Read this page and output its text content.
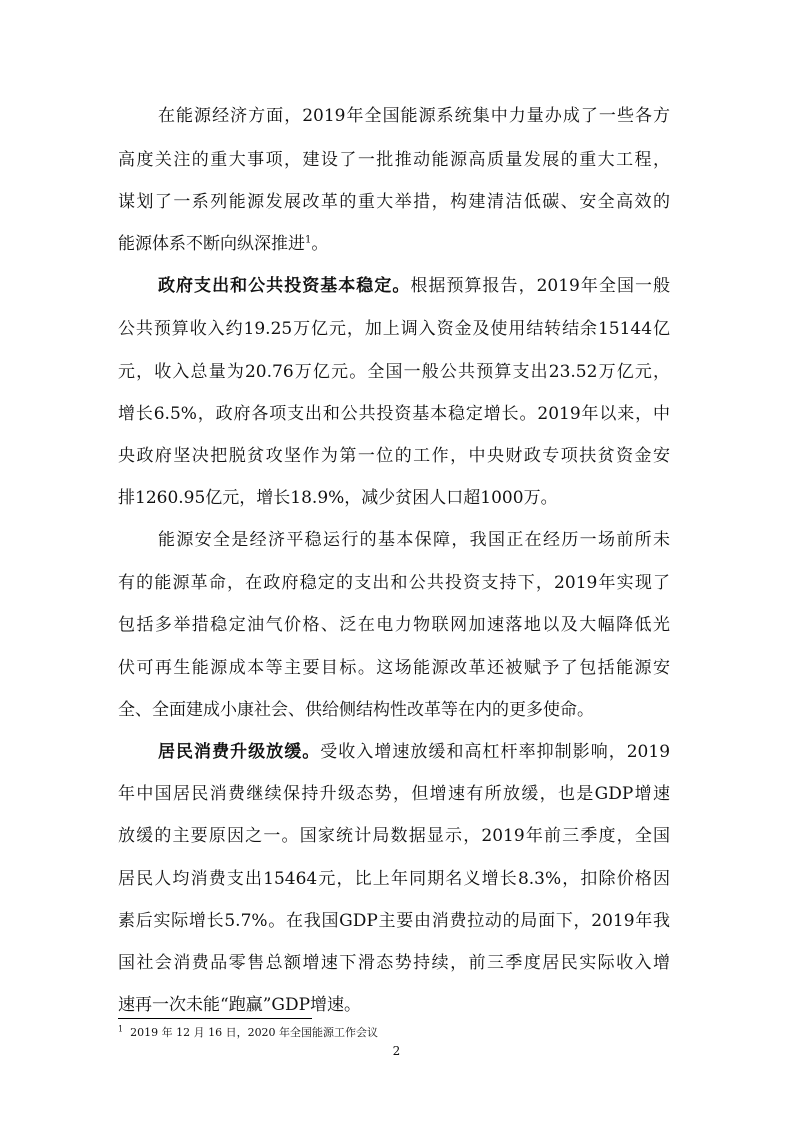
在能源经济方面，2019年全国能源系统集中力量办成了一些各方
高度关注的重大事项，建设了一批推动能源高质量发展的重大工程，
谋划了一系列能源发展改革的重大举措，构建清洁低碳、安全高效的
能源体系不断向纵深推进$^1$。
政府支出和公共投资基本稳定。根据预算报告，2019年全国一般
公共预算收入约19.25万亿元，加上调入资金及使用结转结余15144亿
元，收入总量为20.76万亿元。全国一般公共预算支出23.52万亿元，
增长6.5%，政府各项支出和公共投资基本稳定增长。2019年以来，中
央政府坚决把脱贫攻坚作为第一位的工作，中央财政专项扶贫资金安
排1260.95亿元，增长18.9%，减少贫困人口超1000万。
能源安全是经济平稳运行的基本保障，我国正在经历一场前所未
有的能源革命，在政府稳定的支出和公共投资支持下，2019年实现了
包括多举措稳定油气价格、泛在电力物联网加速落地以及大幅降低光
伏可再生能源成本等主要目标。这场能源改革还被赋予了包括能源安
全、全面建成小康社会、供给侧结构性改革等在内的更多使命。
居民消费升级放缓。受收入增速放缓和高杠杆率抑制影响，2019
年中国居民消费继续保持升级态势，但增速有所放缓，也是GDP增速
放缓的主要原因之一。国家统计局数据显示，2019年前三季度，全国
居民人均消费支出15464元，比上年同期名义增长8.3%，扣除价格因
素后实际增长5.7%。在我国GDP主要由消费拉动的局面下，2019年我
国社会消费品零售总额增速下滑态势持续，前三季度居民实际收入增
速再一次未能“跑赢”GDP增速。
$^1$ 2019 年 12 月 16 日，2020 年全国能源工作会议
2
